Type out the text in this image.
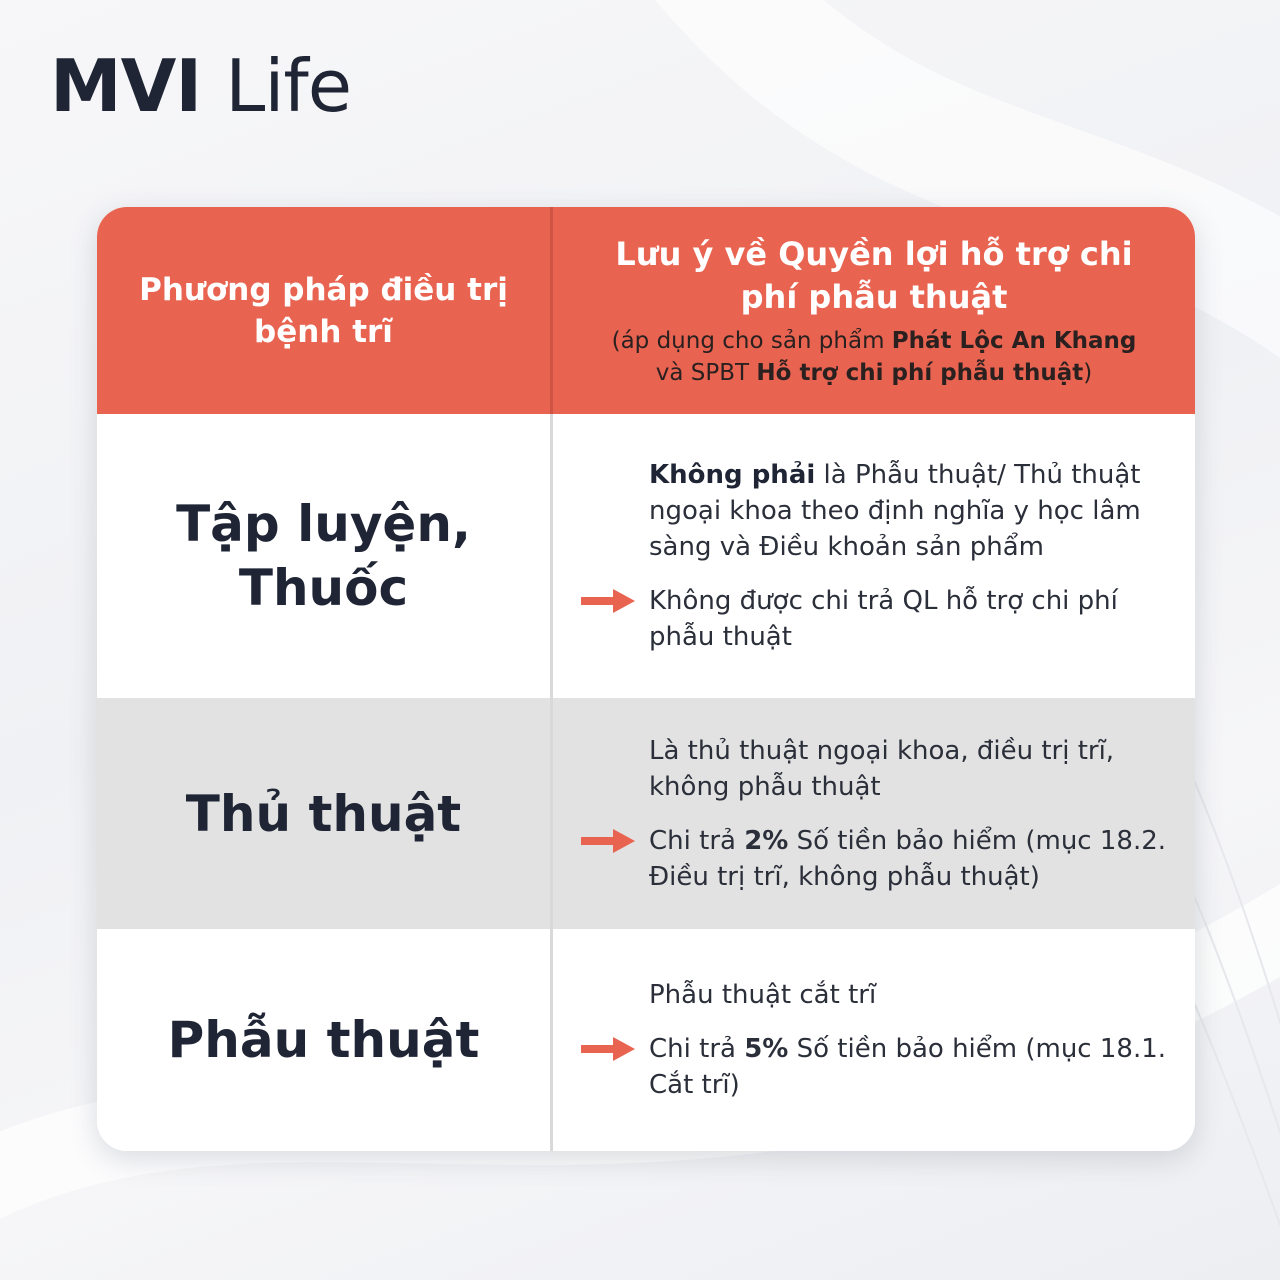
MVI Life
Phương pháp điều trị bệnh trĩ
Lưu ý về Quyền lợi hỗ trợ chi phí phẫu thuật
(áp dụng cho sản phẩm Phát Lộc An Khang
và SPBT Hỗ trợ chi phí phẫu thuật)
Tập luyện, Thuốc

Không phải là Phẫu thuật/ Thủ thuật ngoại khoa theo định nghĩa y học lâm sàng và Điều khoản sản phẩm

Không được chi trả QL hỗ trợ chi phí phẫu thuật
Thủ thuật

Là thủ thuật ngoại khoa, điều trị trĩ, không phẫu thuật

Chi trả 2% Số tiền bảo hiểm (mục 18.2. Điều trị trĩ, không phẫu thuật)
Phẫu thuật

Phẫu thuật cắt trĩ

Chi trả 5% Số tiền bảo hiểm (mục 18.1. Cắt trĩ)
